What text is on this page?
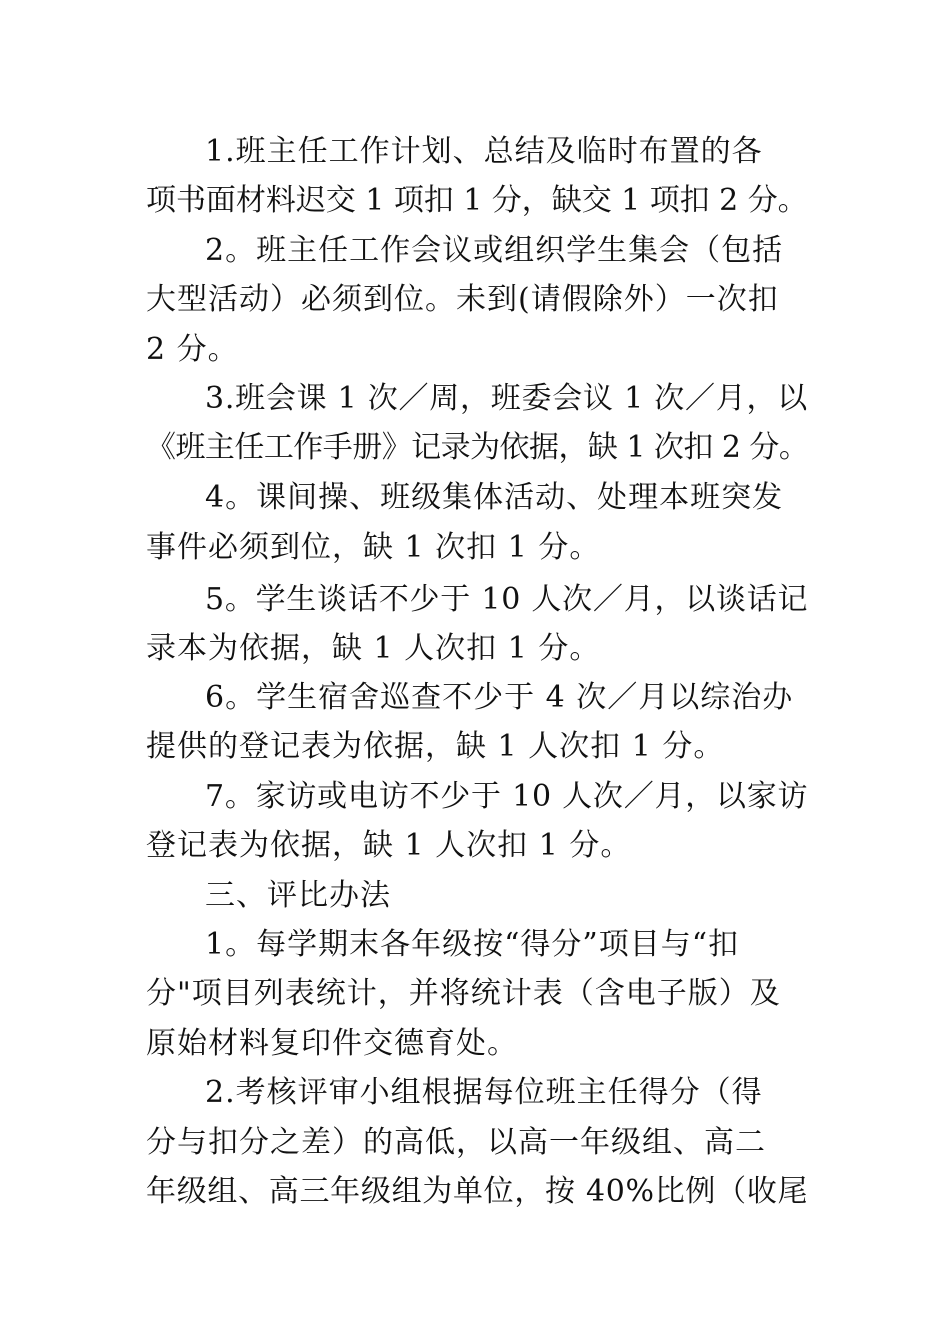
1.班主任工作计划、总结及临时布置的各
项书面材料迟交 1 项扣 1 分，缺交 1 项扣 2 分。
2。班主任工作会议或组织学生集会（包括
大型活动）必须到位。未到(请假除外）一次扣
2 分。
3.班会课 1 次／周，班委会议 1 次／月，以
《班主任工作手册》记录为依据，缺 1 次扣 2 分。
4。课间操、班级集体活动、处理本班突发
事件必须到位，缺 1 次扣 1 分。
5。学生谈话不少于 10 人次／月，以谈话记
录本为依据，缺 1 人次扣 1 分。
6。学生宿舍巡查不少于 4 次／月以综治办
提供的登记表为依据，缺 1 人次扣 1 分。
7。家访或电访不少于 10 人次／月，以家访
登记表为依据，缺 1 人次扣 1 分。
三、评比办法
1。每学期末各年级按“得分”项目与“扣
分"项目列表统计，并将统计表（含电子版）及
原始材料复印件交德育处。
2.考核评审小组根据每位班主任得分（得
分与扣分之差）的高低，以高一年级组、高二
年级组、高三年级组为单位，按 40%比例（收尾
